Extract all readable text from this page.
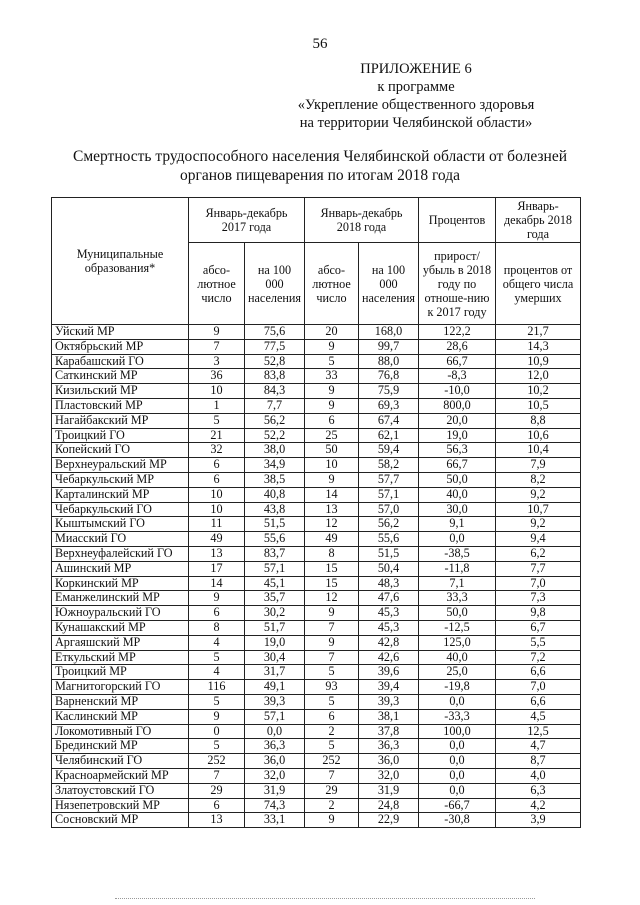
56
ПРИЛОЖЕНИЕ 6
к программе
«Укрепление общественного здоровья
на территории Челябинской области»
Смертность трудоспособного населения Челябинской области от болезней
органов пищеварения по итогам 2018 года
Муниципальные образования*	Январь-декабрь 2017 года		Январь-декабрь 2018 года		Процентов	Январь-декабрь 2018 года
	абсо-лютное число	на 100 000 населения	абсо-лютное число	на 100 000 населения	прирост/ убыль в 2018 году по отноше-нию к 2017 году	процентов от общего числа умерших
Уйский МР	9	75,6	20	168,0	122,2	21,7
Октябрьский МР	7	77,5	9	99,7	28,6	14,3
Карабашский ГО	3	52,8	5	88,0	66,7	10,9
Саткинский МР	36	83,8	33	76,8	-8,3	12,0
Кизильский МР	10	84,3	9	75,9	-10,0	10,2
Пластовский МР	1	7,7	9	69,3	800,0	10,5
Нагайбакский МР	5	56,2	6	67,4	20,0	8,8
Троицкий ГО	21	52,2	25	62,1	19,0	10,6
Копейский ГО	32	38,0	50	59,4	56,3	10,4
Верхнеуральский МР	6	34,9	10	58,2	66,7	7,9
Чебаркульский МР	6	38,5	9	57,7	50,0	8,2
Карталинский МР	10	40,8	14	57,1	40,0	9,2
Чебаркульский ГО	10	43,8	13	57,0	30,0	10,7
Кыштымский ГО	11	51,5	12	56,2	9,1	9,2
Миасский ГО	49	55,6	49	55,6	0,0	9,4
Верхнеуфалейский ГО	13	83,7	8	51,5	-38,5	6,2
Ашинский МР	17	57,1	15	50,4	-11,8	7,7
Коркинский МР	14	45,1	15	48,3	7,1	7,0
Еманжелинский МР	9	35,7	12	47,6	33,3	7,3
Южноуральский ГО	6	30,2	9	45,3	50,0	9,8
Кунашакский МР	8	51,7	7	45,3	-12,5	6,7
Аргаяшский МР	4	19,0	9	42,8	125,0	5,5
Еткульский МР	5	30,4	7	42,6	40,0	7,2
Троицкий МР	4	31,7	5	39,6	25,0	6,6
Магнитогорский ГО	116	49,1	93	39,4	-19,8	7,0
Варненский МР	5	39,3	5	39,3	0,0	6,6
Каслинский МР	9	57,1	6	38,1	-33,3	4,5
Локомотивный ГО	0	0,0	2	37,8	100,0	12,5
Брединский МР	5	36,3	5	36,3	0,0	4,7
Челябинский ГО	252	36,0	252	36,0	0,0	8,7
Красноармейский МР	7	32,0	7	32,0	0,0	4,0
Златоустовский ГО	29	31,9	29	31,9	0,0	6,3
Нязепетровский МР	6	74,3	2	24,8	-66,7	4,2
Сосновский МР	13	33,1	9	22,9	-30,8	3,9
